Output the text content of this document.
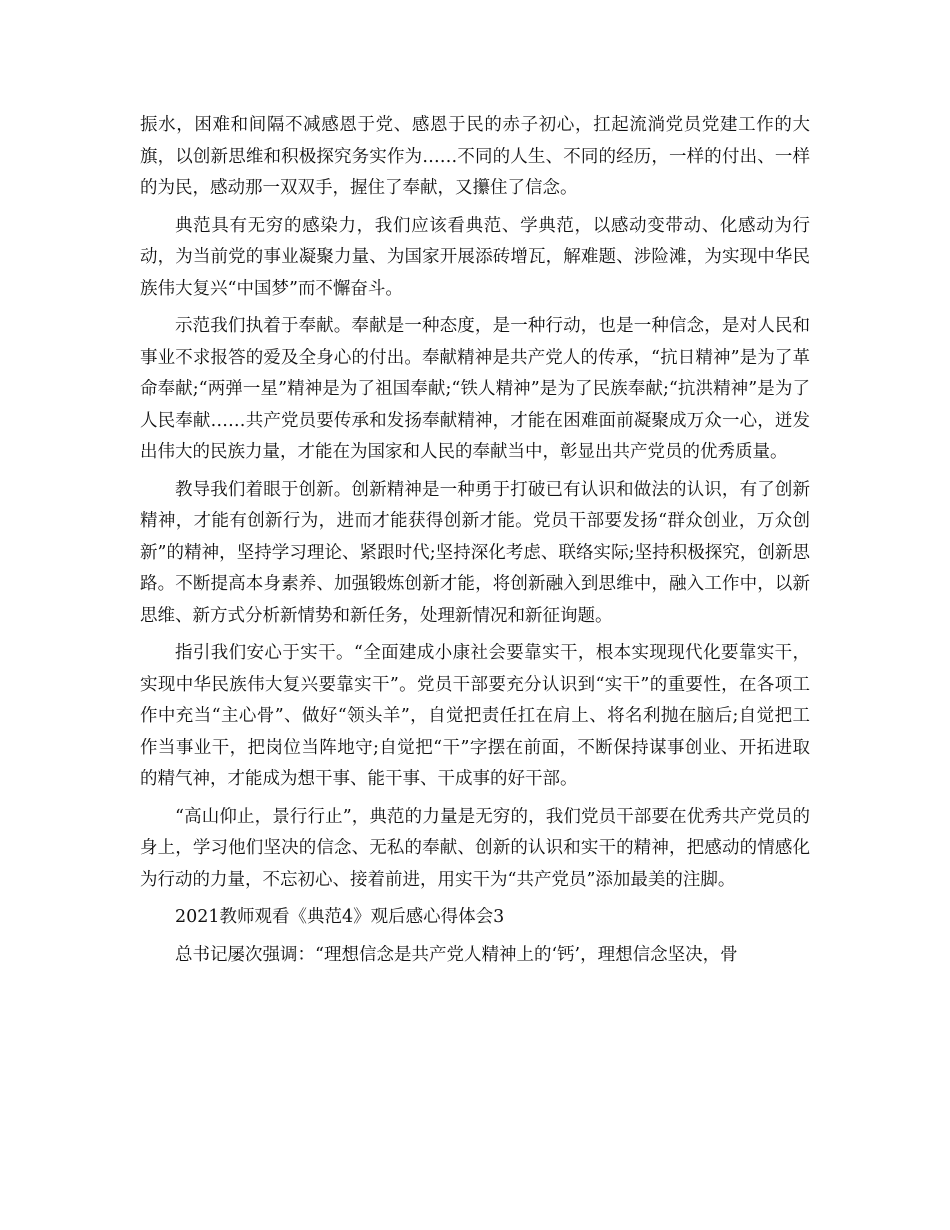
振水，困难和间隔不减感恩于党、感恩于民的赤子初心，扛起流淌党员党建工作的大旗，以创新思维和积极探究务实作为……不同的人生、不同的经历，一样的付出、一样的为民，感动那一双双手，握住了奉献，又攥住了信念。

典范具有无穷的感染力，我们应该看典范、学典范，以感动变带动、化感动为行动，为当前党的事业凝聚力量、为国家开展添砖增瓦，解难题、涉险滩，为实现中华民族伟大复兴“中国梦”而不懈奋斗。

示范我们执着于奉献。奉献是一种态度，是一种行动，也是一种信念，是对人民和事业不求报答的爱及全身心的付出。奉献精神是共产党人的传承，“抗日精神”是为了革命奉献;“两弹一星”精神是为了祖国奉献;“铁人精神”是为了民族奉献;“抗洪精神”是为了人民奉献……共产党员要传承和发扬奉献精神，才能在困难面前凝聚成万众一心，迸发出伟大的民族力量，才能在为国家和人民的奉献当中，彰显出共产党员的优秀质量。

教导我们着眼于创新。创新精神是一种勇于打破已有认识和做法的认识，有了创新精神，才能有创新行为，进而才能获得创新才能。党员干部要发扬“群众创业，万众创新”的精神，坚持学习理论、紧跟时代;坚持深化考虑、联络实际;坚持积极探究，创新思路。不断提高本身素养、加强锻炼创新才能，将创新融入到思维中，融入工作中，以新思维、新方式分析新情势和新任务，处理新情况和新征询题。

指引我们安心于实干。“全面建成小康社会要靠实干，根本实现现代化要靠实干，实现中华民族伟大复兴要靠实干”。党员干部要充分认识到“实干”的重要性，在各项工作中充当“主心骨”、做好“领头羊”，自觉把责任扛在肩上、将名利抛在脑后;自觉把工作当事业干，把岗位当阵地守;自觉把“干”字摆在前面，不断保持谋事创业、开拓进取的精气神，才能成为想干事、能干事、干成事的好干部。

“高山仰止，景行行止”，典范的力量是无穷的，我们党员干部要在优秀共产党员的身上，学习他们坚决的信念、无私的奉献、创新的认识和实干的精神，把感动的情感化为行动的力量，不忘初心、接着前进，用实干为“共产党员”添加最美的注脚。

2021教师观看《典范4》观后感心得体会3

总书记屡次强调：“理想信念是共产党人精神上的‘钙’，理想信念坚决，骨
